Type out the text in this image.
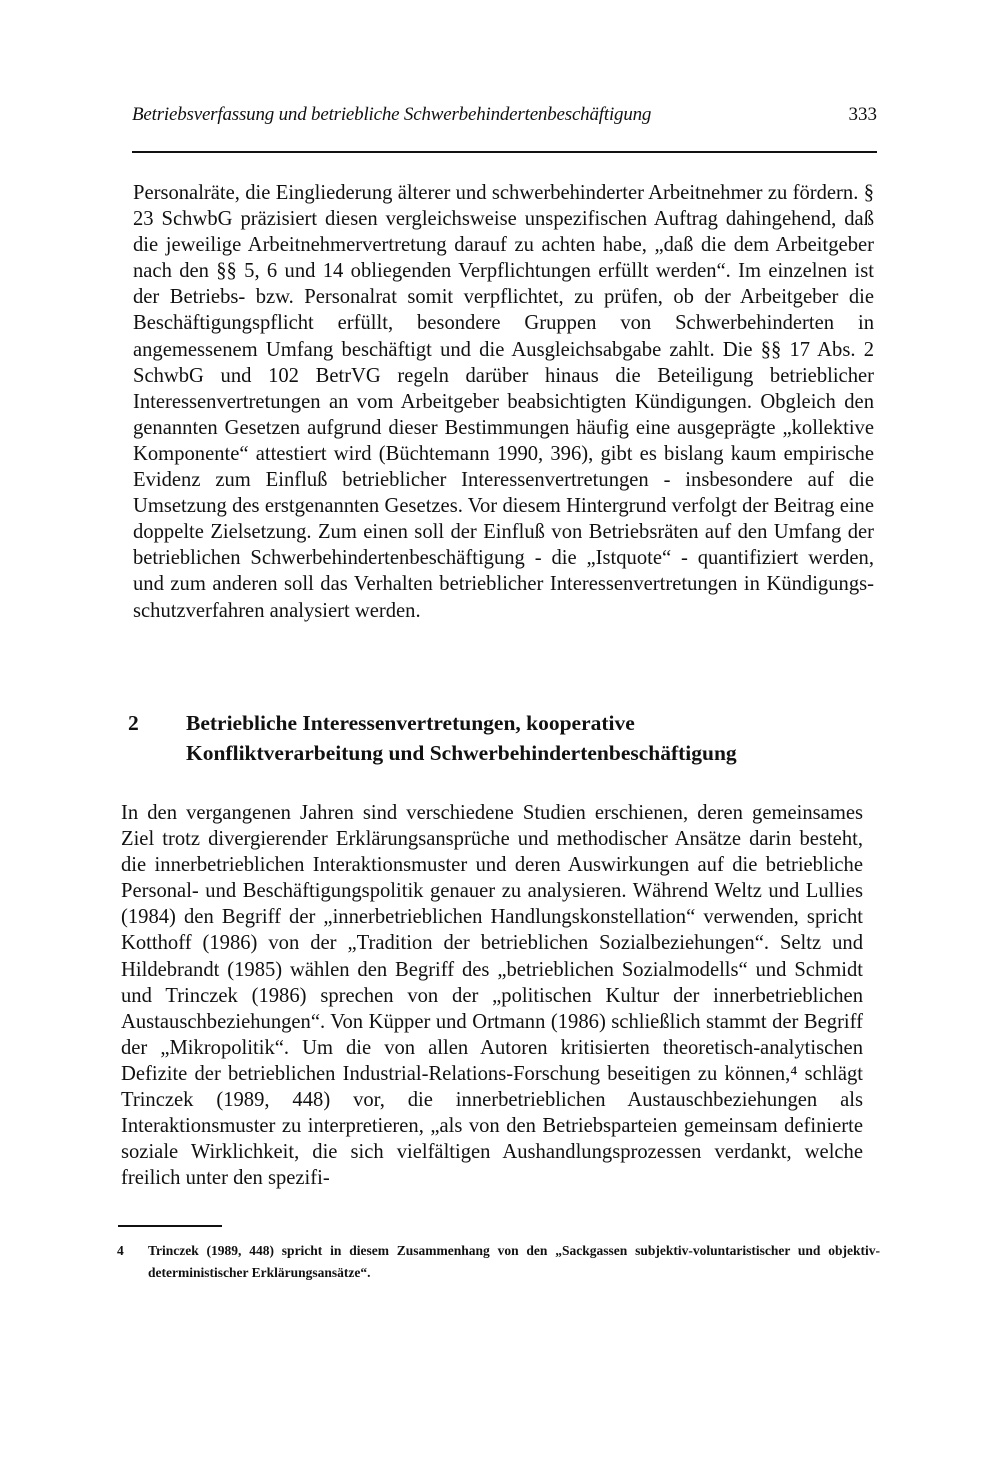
Betriebsverfassung und betriebliche Schwerbehindertenbeschäftigung	333

Personalräte, die Eingliederung älterer und schwerbehinderter Arbeitnehmer zu fördern. § 23 SchwbG präzisiert diesen vergleichsweise unspezifischen Auftrag dahingehend, daß die jeweilige Arbeitnehmervertretung darauf zu achten habe, „daß die dem Arbeitgeber nach den §§ 5, 6 und 14 obliegenden Verpflichtungen erfüllt werden“. Im einzelnen ist der Betriebs- bzw. Personalrat somit verpflichtet, zu prüfen, ob der Arbeitgeber die Beschäftigungspflicht erfüllt, besondere Gruppen von Schwerbehinderten in angemessenem Umfang beschäftigt und die Ausgleichsabgabe zahlt. Die §§ 17 Abs. 2 SchwbG und 102 BetrVG regeln darüber hinaus die Beteiligung betrieblicher Interessenvertretungen an vom Arbeitgeber beabsichtigten Kündigungen. Obgleich den genannten Gesetzen aufgrund dieser Bestimmungen häufig eine ausgeprägte „kollektive Komponente“ attestiert wird (Büchtemann 1990, 396), gibt es bislang kaum empirische Evidenz zum Einfluß betrieblicher Interessenvertretungen - insbesondere auf die Umsetzung des erstgenannten Gesetzes. Vor diesem Hintergrund verfolgt der Beitrag eine doppelte Zielsetzung. Zum einen soll der Einfluß von Betriebsräten auf den Umfang der betrieblichen Schwerbehindertenbeschäftigung - die „Istquote“ - quantifiziert werden, und zum anderen soll das Verhalten betrieblicher Interessenvertretungen in Kündigungsschutzverfahren analysiert werden.

2 Betriebliche Interessenvertretungen, kooperative
Konfliktverarbeitung und Schwerbehindertenbeschäftigung

In den vergangenen Jahren sind verschiedene Studien erschienen, deren gemeinsames Ziel trotz divergierender Erklärungsansprüche und methodischer Ansätze darin besteht, die innerbetrieblichen Interaktionsmuster und deren Auswirkungen auf die betriebliche Personal- und Beschäftigungspolitik genauer zu analysieren. Während Weltz und Lullies (1984) den Begriff der „innerbetrieblichen Handlungskonstellation“ verwenden, spricht Kotthoff (1986) von der „Tradition der betrieblichen Sozialbeziehungen“. Seltz und Hildebrandt (1985) wählen den Begriff des „betrieblichen Sozialmodells“ und Schmidt und Trinczek (1986) sprechen von der „politischen Kultur der innerbetrieblichen Austauschbeziehungen“. Von Küpper und Ortmann (1986) schließlich stammt der Begriff der „Mikropolitik“. Um die von allen Autoren kritisierten theoretisch-analytischen Defizite der betrieblichen Industrial-Relations-Forschung beseitigen zu können,⁴ schlägt Trinczek (1989, 448) vor, die innerbetrieblichen Austauschbeziehungen als Interaktionsmuster zu interpretieren, „als von den Betriebsparteien gemeinsam definierte soziale Wirklichkeit, die sich vielfältigen Aushandlungsprozessen verdankt, welche freilich unter den spezifi-

4 Trinczek (1989, 448) spricht in diesem Zusammenhang von den „Sackgassen subjektiv-voluntaristischer und objektiv-deterministischer Erklärungsansätze“.
